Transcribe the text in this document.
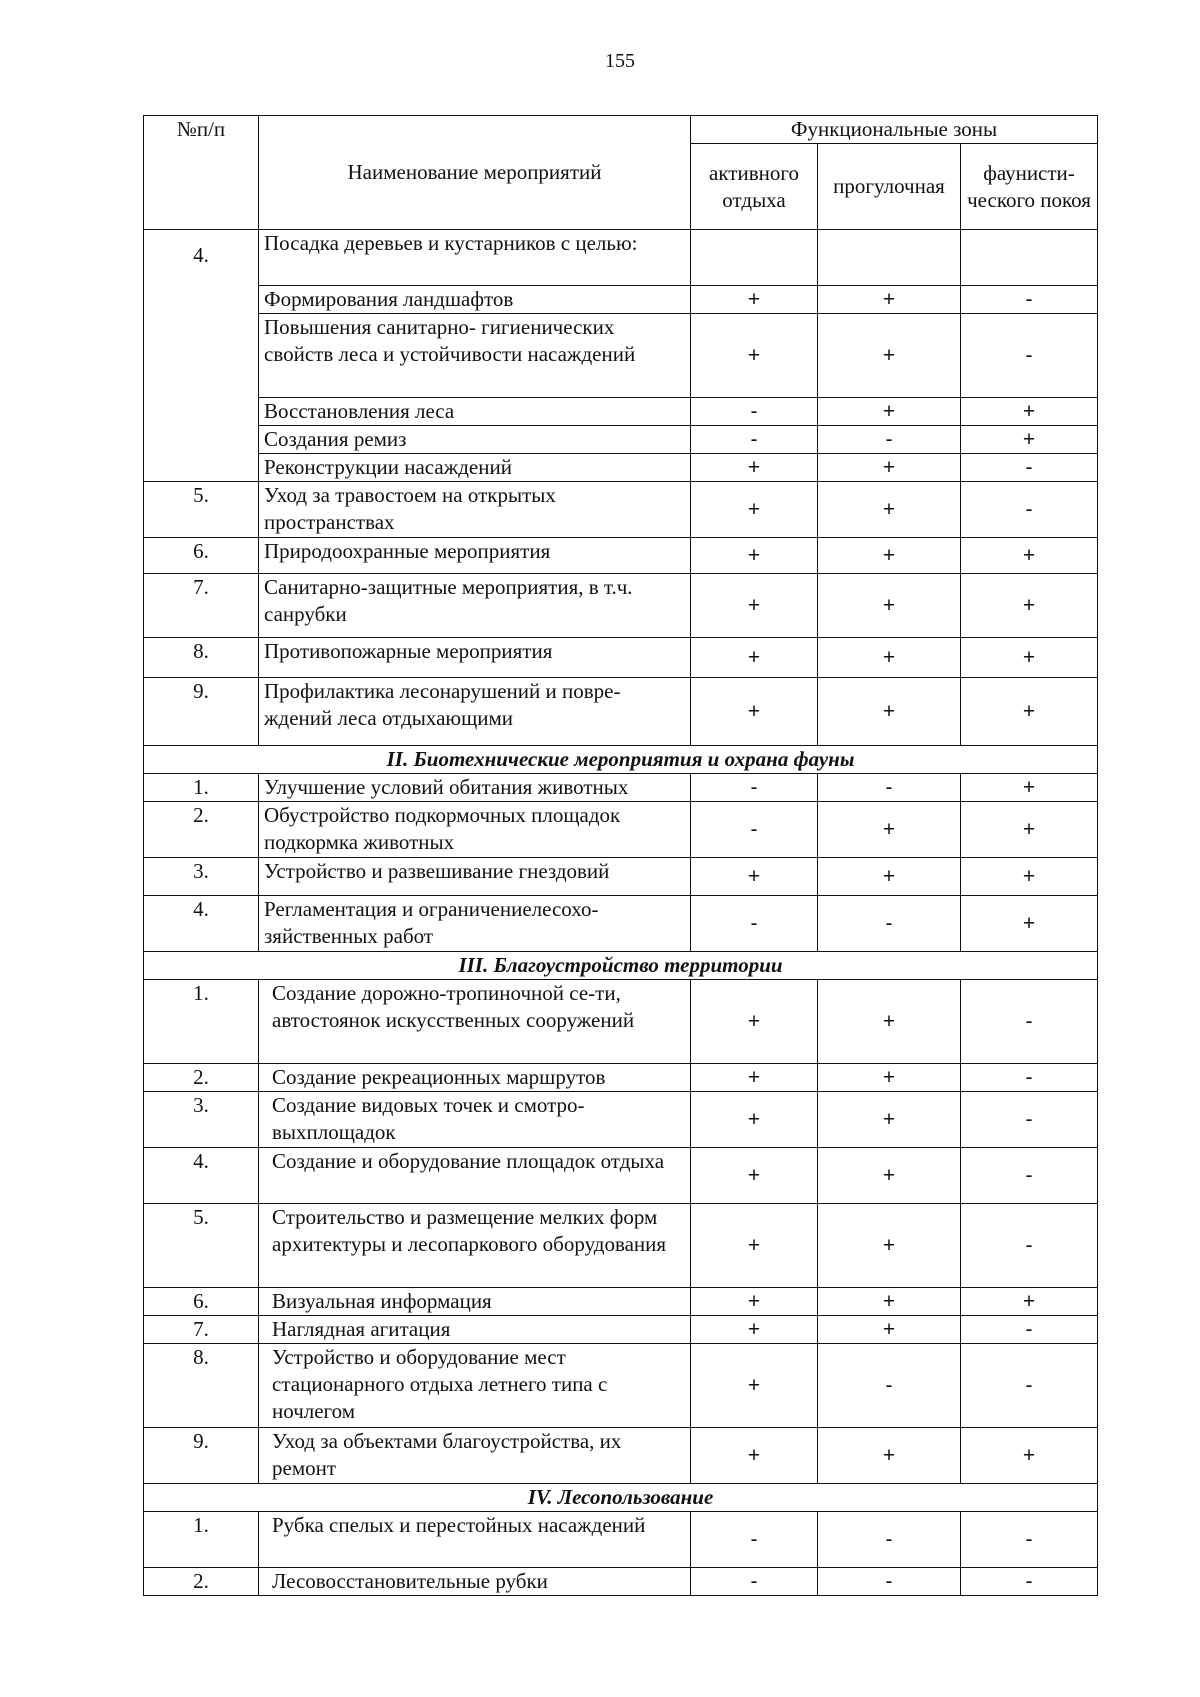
155
№п/п	Наименование мероприятий	Функциональные зоны		
		активного отдыха	прогулочная	фаунисти-ческого покоя
4.	Посадка деревьев и кустарников с целью:			
	Формирования ландшафтов	+	+	-
	Повышения санитарно- гигиенических свойств леса и устойчивости насаждений	+	+	-
	Восстановления леса	-	+	+
	Создания ремиз	-	-	+
	Реконструкции насаждений	+	+	-
5.	Уход за травостоем на открытых пространствах	+	+	-
6.	Природоохранные мероприятия	+	+	+
7.	Санитарно-защитные мероприятия, в т.ч. санрубки	+	+	+
8.	Противопожарные мероприятия	+	+	+
9.	Профилактика лесонарушений и повре-ждений леса отдыхающими	+	+	+
II. Биотехнические мероприятия и охрана фауны				
1.	Улучшение условий обитания животных	-	-	+
2.	Обустройство подкормочных площадок подкормка животных	-	+	+
3.	Устройство и развешивание гнездовий	+	+	+
4.	Регламентация и ограничениелесохо-зяйственных работ	-	-	+
III. Благоустройство территории				
1.	Создание дорожно-тропиночной се-ти, автостоянок искусственных сооружений	+	+	-
2.	Создание рекреационных маршрутов	+	+	-
3.	Создание видовых точек и смотро-выхплощадок	+	+	-
4.	Создание и оборудование площадок отдыха	+	+	-
5.	Строительство и размещение мелких форм архитектуры и лесопаркового оборудования	+	+	-
6.	Визуальная информация	+	+	+
7.	Наглядная агитация	+	+	-
8.	Устройство и оборудование мест стационарного отдыха летнего типа с ночлегом	+	-	-
9.	Уход за объектами благоустройства, их ремонт	+	+	+
IV. Лесопользование				
1.	Рубка спелых и перестойных насаждений	-	-	-
2.	Лесовосстановительные рубки	-	-	-
